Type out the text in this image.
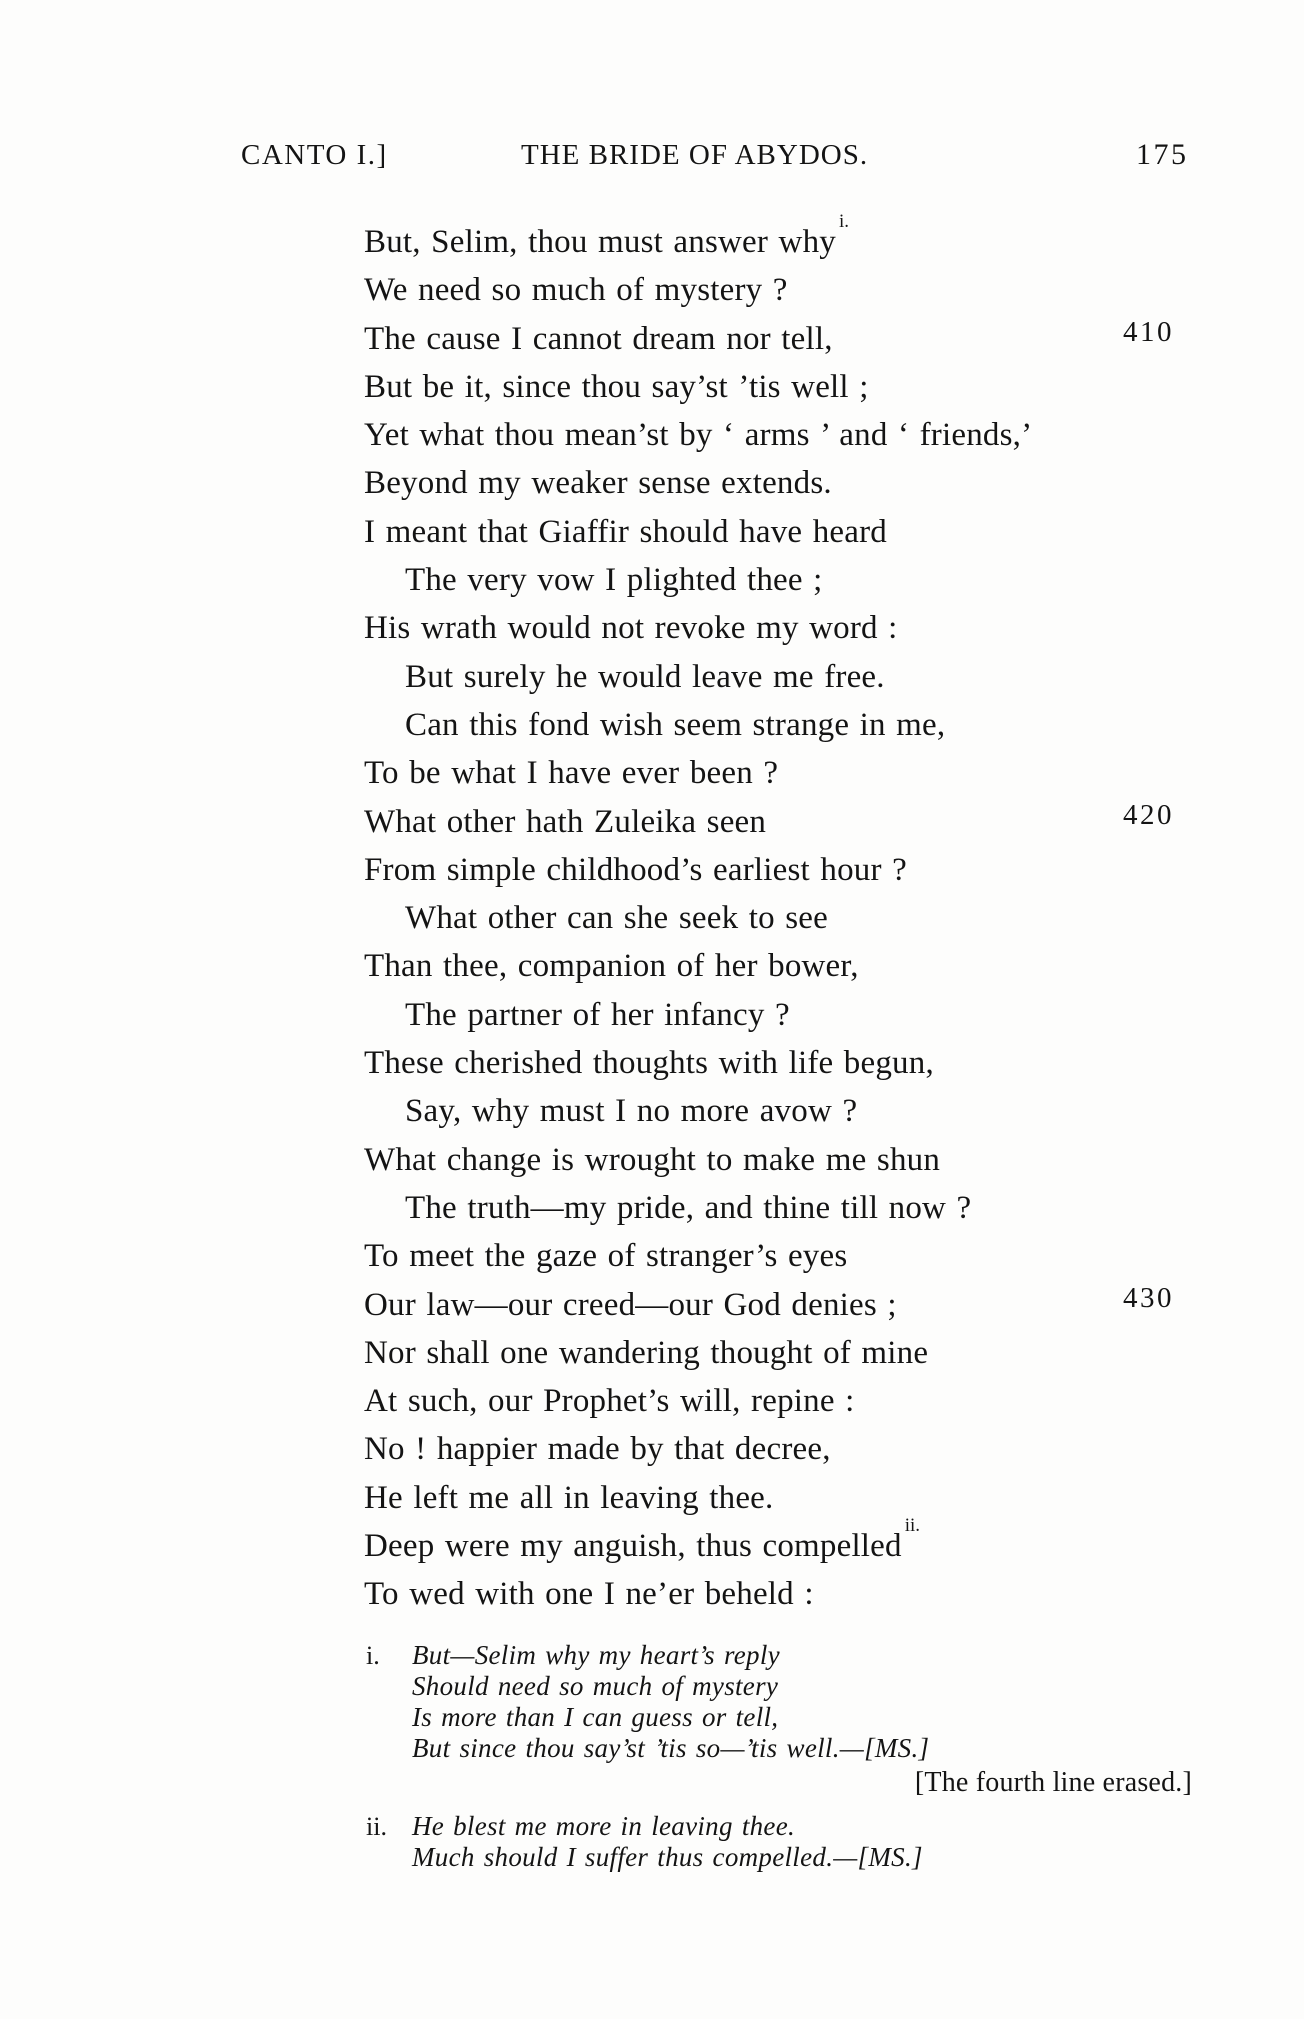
CANTO I.]	THE BRIDE OF ABYDOS.	175
But, Selim, thou must answer why$^{i.}$
We need so much of mystery ?
The cause I cannot dream nor tell,	410
But be it, since thou say’st ’tis well ;
Yet what thou mean’st by ‘ arms ’ and ‘ friends,’
Beyond my weaker sense extends.
I meant that Giaffir should have heard
The very vow I plighted thee ;
His wrath would not revoke my word :
But surely he would leave me free.
Can this fond wish seem strange in me,
To be what I have ever been ?
What other hath Zuleika seen	420
From simple childhood’s earliest hour ?
What other can she seek to see
Than thee, companion of her bower,
The partner of her infancy ?
These cherished thoughts with life begun,
Say, why must I no more avow ?
What change is wrought to make me shun
The truth—my pride, and thine till now ?
To meet the gaze of stranger’s eyes
Our law—our creed—our God denies ;	430
Nor shall one wandering thought of mine
At such, our Prophet’s will, repine :
No ! happier made by that decree,
He left me all in leaving thee.
Deep were my anguish, thus compelled$^{ii.}$
To wed with one I ne’er beheld :
i. But—Selim why my heart’s reply
Should need so much of mystery
Is more than I can guess or tell,
But since thou say’st ’tis so—’tis well.—[MS.]
[The fourth line erased.]
ii. He blest me more in leaving thee.
Much should I suffer thus compelled.—[MS.]
